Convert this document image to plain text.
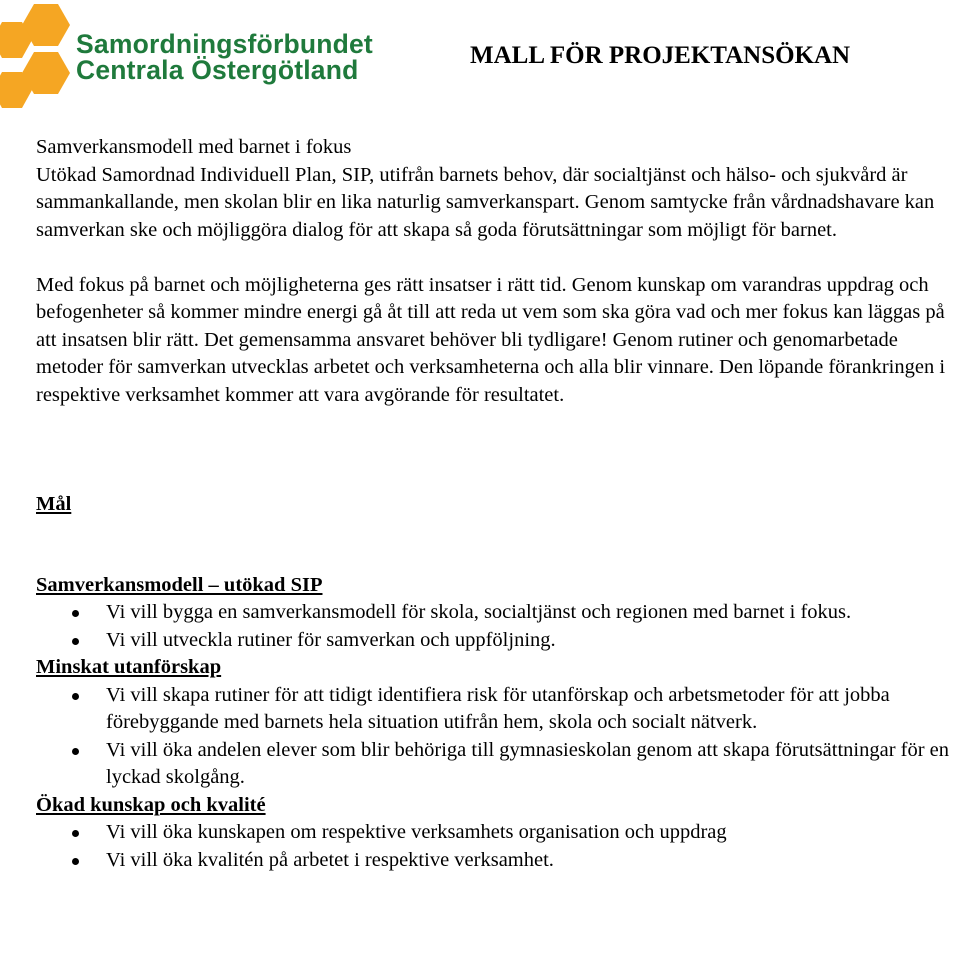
Samordningsförbundet
Centrala Östergötland	MALL FÖR PROJEKTANSÖKAN

Samverkansmodell med barnet i fokus

Utökad Samordnad Individuell Plan, SIP, utifrån barnets behov, där socialtjänst och hälso- och sjukvård är sammankallande, men skolan blir en lika naturlig samverkanspart. Genom samtycke från vårdnadshavare kan samverkan ske och möjliggöra dialog för att skapa så goda förutsättningar som möjligt för barnet.

Med fokus på barnet och möjligheterna ges rätt insatser i rätt tid. Genom kunskap om varandras uppdrag och befogenheter så kommer mindre energi gå åt till att reda ut vem som ska göra vad och mer fokus kan läggas på att insatsen blir rätt. Det gemensamma ansvaret behöver bli tydligare! Genom rutiner och genomarbetade metoder för samverkan utvecklas arbetet och verksamheterna och alla blir vinnare. Den löpande förankringen i respektive verksamhet kommer att vara avgörande för resultatet.

Mål

Samverkansmodell – utökad SIP

Vi vill bygga en samverkansmodell för skola, socialtjänst och regionen med barnet i fokus.
Vi vill utveckla rutiner för samverkan och uppföljning.

Minskat utanförskap

Vi vill skapa rutiner för att tidigt identifiera risk för utanförskap och arbetsmetoder för att jobba förebyggande med barnets hela situation utifrån hem, skola och socialt nätverk.
Vi vill öka andelen elever som blir behöriga till gymnasieskolan genom att skapa förutsättningar för en lyckad skolgång.

Ökad kunskap och kvalité

Vi vill öka kunskapen om respektive verksamhets organisation och uppdrag
Vi vill öka kvalitén på arbetet i respektive verksamhet.
